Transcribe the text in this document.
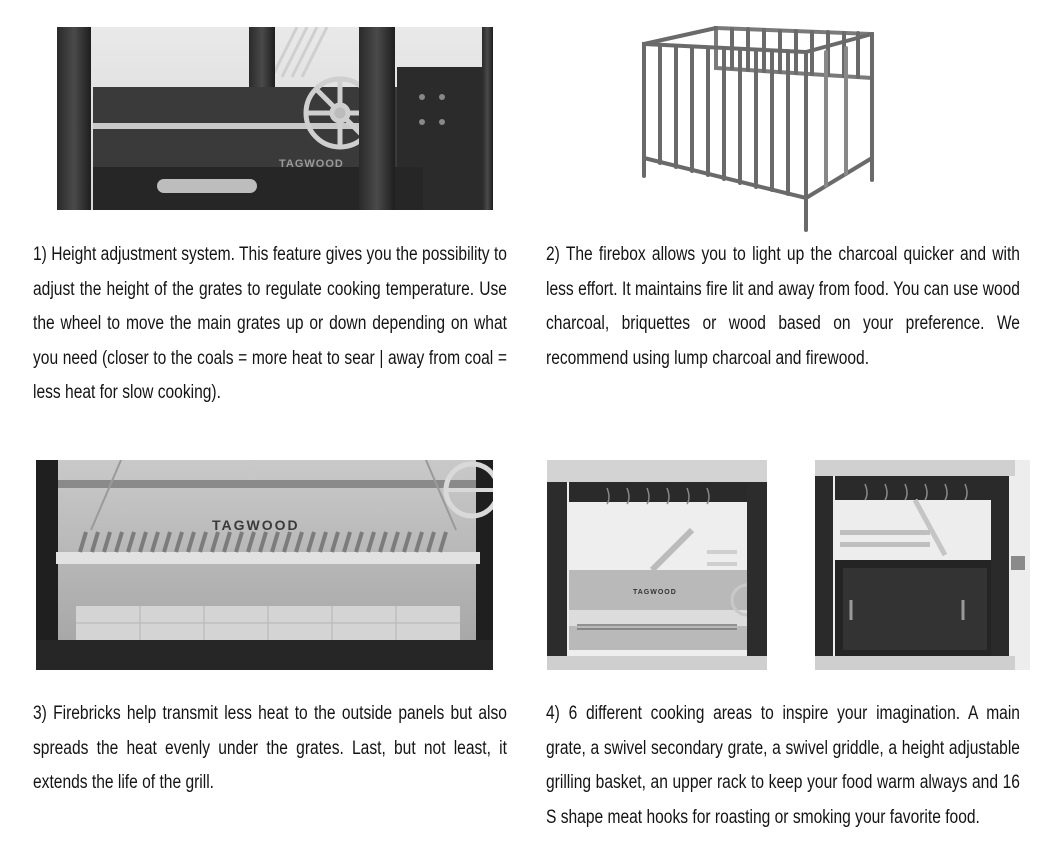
TAGWOOD
TAGWOOD
TAGWOOD

1) Height adjustment system. This feature gives you the possibility to adjust the height of the grates to regulate cooking temperature. Use the wheel to move the main grates up or down depending on what you need (closer to the coals = more heat to sear | away from coal = less heat for slow cooking).

2) The firebox allows you to light up the charcoal quicker and with less effort. It maintains fire lit and away from food. You can use wood charcoal, briquettes or wood based on your preference. We recommend using lump charcoal and firewood.

3) Firebricks help transmit less heat to the outside panels but also spreads the heat evenly under the grates. Last, but not least, it extends the life of the grill.

4) 6 different cooking areas to inspire your imagination. A main grate, a swivel secondary grate, a swivel griddle, a height adjustable grilling basket, an upper rack to keep your food warm always and 16 S shape meat hooks for roasting or smoking your favorite food.
